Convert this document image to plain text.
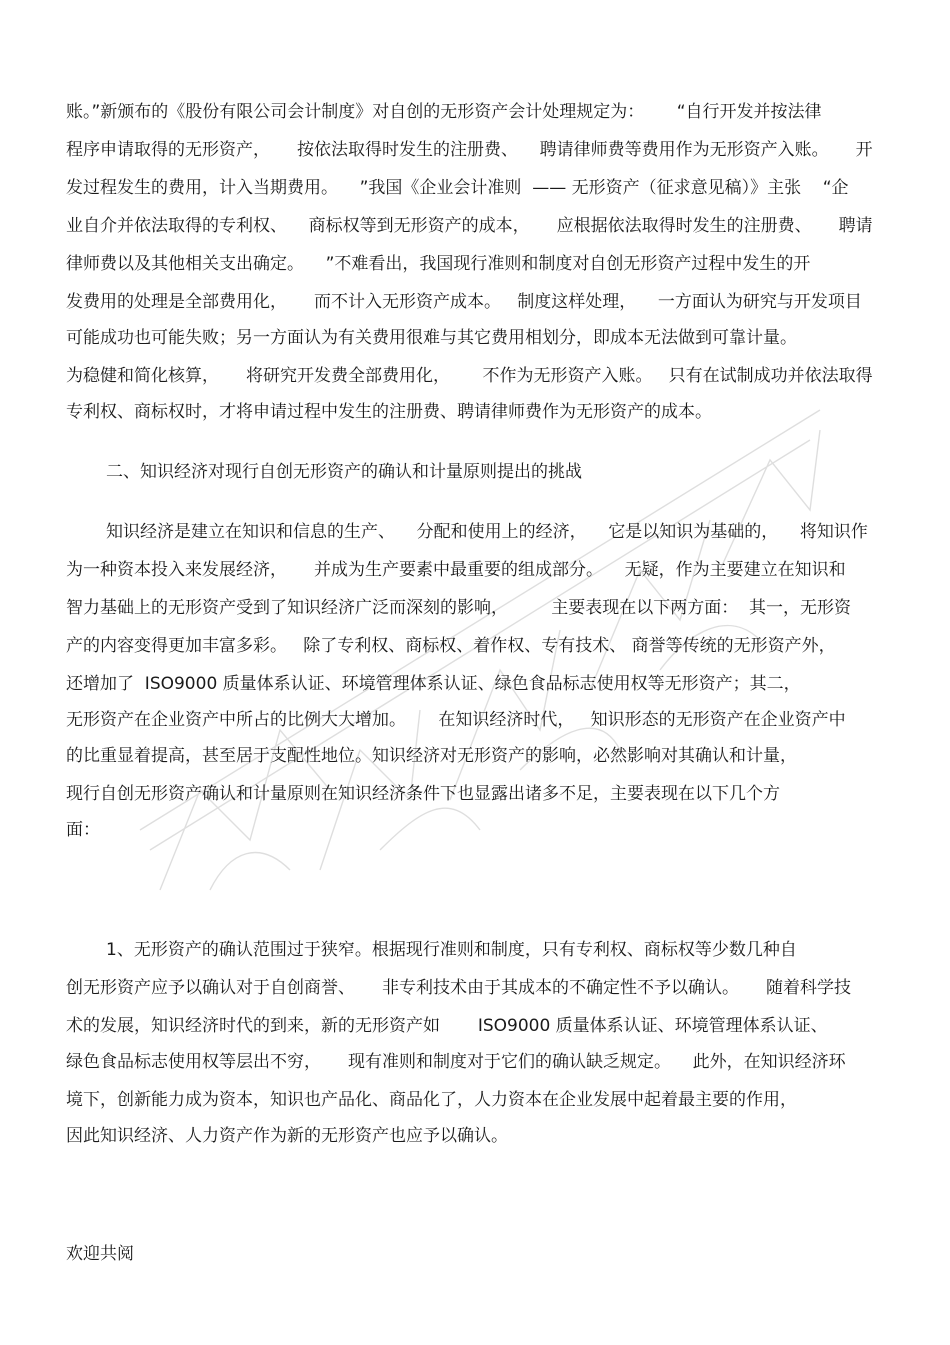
账。”新颁布的《股份有限公司会计制度》对自创的无形资产会计处理规定为：      “自行开发并按法律
程序申请取得的无形资产，     按依法取得时发生的注册费、    聘请律师费等费用作为无形资产入账。     开
发过程发生的费用，计入当期费用。    ”我国《企业会计准则  —— 无形资产（征求意见稿）》主张    “企
业自介并依法取得的专利权、    商标权等到无形资产的成本，     应根据依法取得时发生的注册费、     聘请
律师费以及其他相关支出确定。    ”不难看出，我国现行准则和制度对自创无形资产过程中发生的开
发费用的处理是全部费用化，     而不计入无形资产成本。   制度这样处理，    一方面认为研究与开发项目
可能成功也可能失败；另一方面认为有关费用很难与其它费用相划分，即成本无法做到可靠计量。
为稳健和简化核算，     将研究开发费全部费用化，      不作为无形资产入账。   只有在试制成功并依法取得
专利权、商标权时，才将申请过程中发生的注册费、聘请律师费作为无形资产的成本。
二、知识经济对现行自创无形资产的确认和计量原则提出的挑战
知识经济是建立在知识和信息的生产、    分配和使用上的经济，    它是以知识为基础的，    将知识作
为一种资本投入来发展经济，     并成为生产要素中最重要的组成部分。    无疑，作为主要建立在知识和
智力基础上的无形资产受到了知识经济广泛而深刻的影响，        主要表现在以下两方面：  其一，无形资
产的内容变得更加丰富多彩。   除了专利权、商标权、着作权、专有技术、 商誉等传统的无形资产外，
还增加了  ISO9000 质量体系认证、环境管理体系认证、绿色食品标志使用权等无形资产；其二，
无形资产在企业资产中所占的比例大大增加。      在知识经济时代，   知识形态的无形资产在企业资产中
的比重显着提高，甚至居于支配性地位。知识经济对无形资产的影响，必然影响对其确认和计量，
现行自创无形资产确认和计量原则在知识经济条件下也显露出诸多不足，主要表现在以下几个方
面：
1、无形资产的确认范围过于狭窄。根据现行准则和制度，只有专利权、商标权等少数几种自
创无形资产应予以确认对于自创商誉、     非专利技术由于其成本的不确定性不予以确认。     随着科学技
术的发展，知识经济时代的到来，新的无形资产如       ISO9000 质量体系认证、环境管理体系认证、
绿色食品标志使用权等层出不穷，     现有准则和制度对于它们的确认缺乏规定。    此外，在知识经济环
境下，创新能力成为资本，知识也产品化、商品化了，人力资本在企业发展中起着最主要的作用，
因此知识经济、人力资产作为新的无形资产也应予以确认。
欢迎共阅
